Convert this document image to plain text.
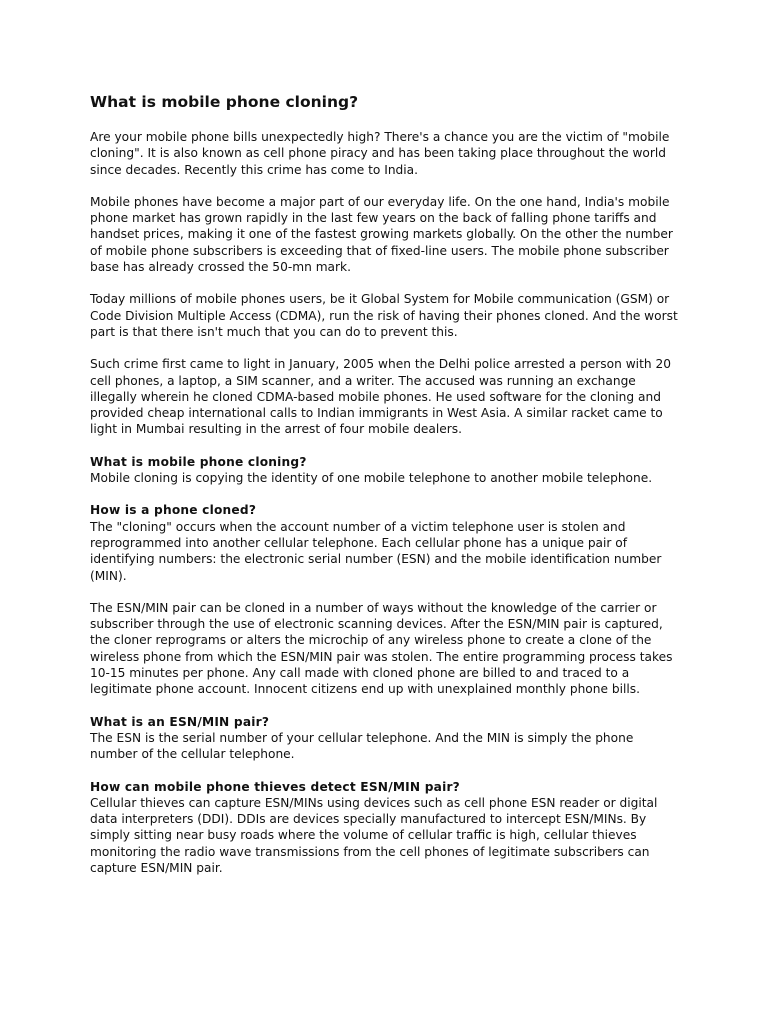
What is mobile phone cloning?

Are your mobile phone bills unexpectedly high? There's a chance you are the victim of "mobile cloning". It is also known as cell phone piracy and has been taking place throughout the world since decades. Recently this crime has come to India.

Mobile phones have become a major part of our everyday life. On the one hand, India's mobile phone market has grown rapidly in the last few years on the back of falling phone tariffs and handset prices, making it one of the fastest growing markets globally. On the other the number of mobile phone subscribers is exceeding that of fixed-line users. The mobile phone subscriber base has already crossed the 50-mn mark.

Today millions of mobile phones users, be it Global System for Mobile communication (GSM) or Code Division Multiple Access (CDMA), run the risk of having their phones cloned. And the worst part is that there isn't much that you can do to prevent this.

Such crime first came to light in January, 2005 when the Delhi police arrested a person with 20 cell phones, a laptop, a SIM scanner, and a writer. The accused was running an exchange illegally wherein he cloned CDMA-based mobile phones. He used software for the cloning and provided cheap international calls to Indian immigrants in West Asia. A similar racket came to light in Mumbai resulting in the arrest of four mobile dealers.

What is mobile phone cloning?

Mobile cloning is copying the identity of one mobile telephone to another mobile telephone.

How is a phone cloned?

The "cloning" occurs when the account number of a victim telephone user is stolen and reprogrammed into another cellular telephone. Each cellular phone has a unique pair of identifying numbers: the electronic serial number (ESN) and the mobile identification number (MIN).

The ESN/MIN pair can be cloned in a number of ways without the knowledge of the carrier or subscriber through the use of electronic scanning devices. After the ESN/MIN pair is captured, the cloner reprograms or alters the microchip of any wireless phone to create a clone of the wireless phone from which the ESN/MIN pair was stolen. The entire programming process takes 10-15 minutes per phone. Any call made with cloned phone are billed to and traced to a legitimate phone account. Innocent citizens end up with unexplained monthly phone bills.

What is an ESN/MIN pair?

The ESN is the serial number of your cellular telephone. And the MIN is simply the phone number of the cellular telephone.

How can mobile phone thieves detect ESN/MIN pair?

Cellular thieves can capture ESN/MINs using devices such as cell phone ESN reader or digital data interpreters (DDI). DDIs are devices specially manufactured to intercept ESN/MINs. By simply sitting near busy roads where the volume of cellular traffic is high, cellular thieves monitoring the radio wave transmissions from the cell phones of legitimate subscribers can capture ESN/MIN pair.
